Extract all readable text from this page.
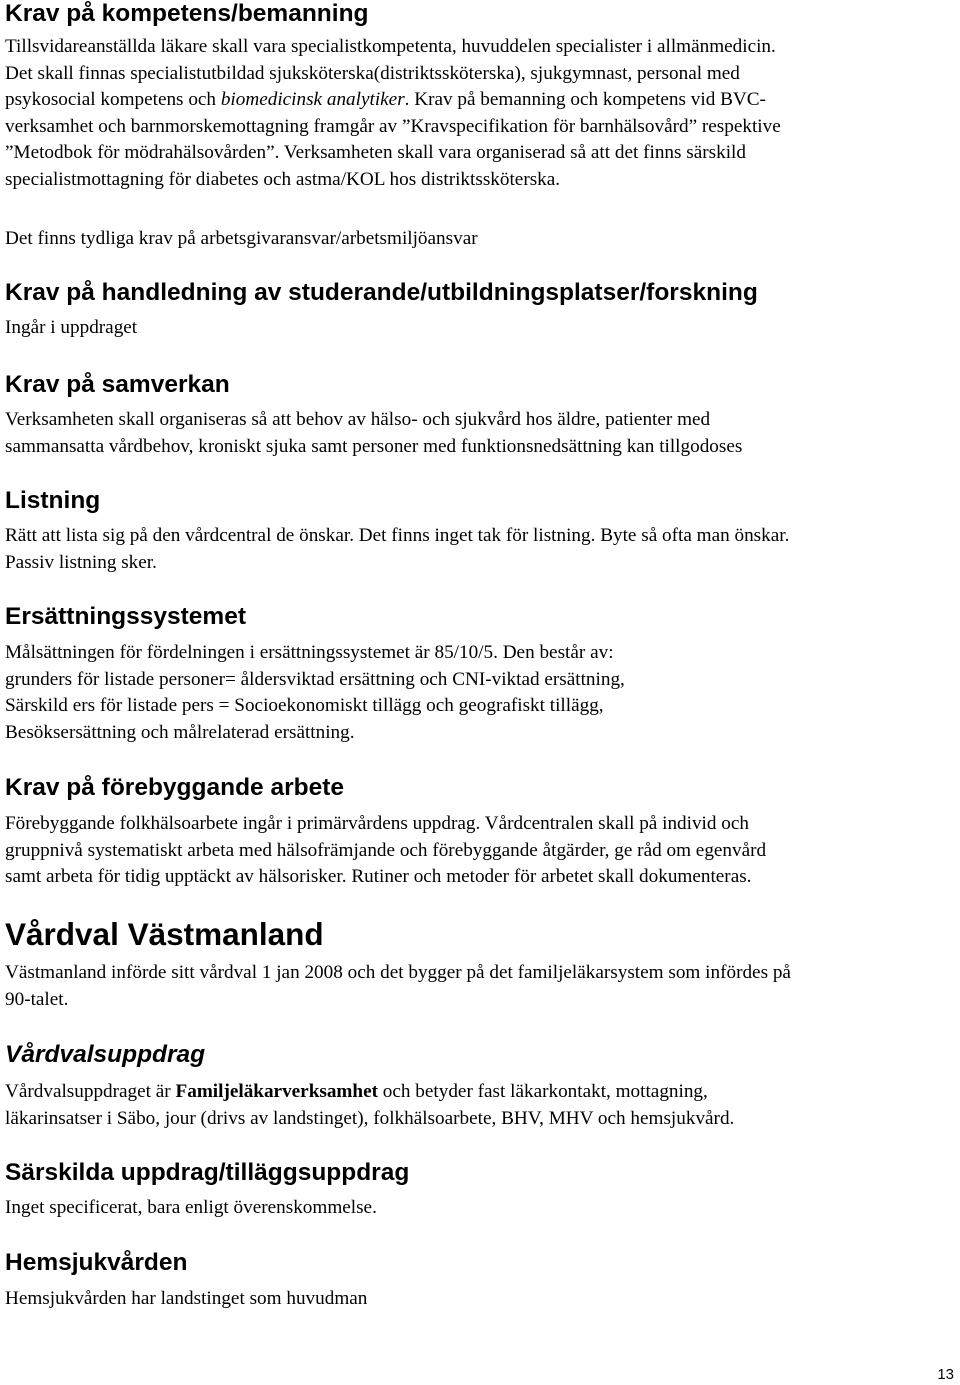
Krav på kompetens/bemanning
Tillsvidareanställda läkare skall vara specialistkompetenta, huvuddelen specialister i allmänmedicin.
Det skall finnas specialistutbildad sjuksköterska(distriktssköterska), sjukgymnast, personal med
psykosocial kompetens och biomedicinsk analytiker. Krav på bemanning och kompetens vid BVC-
verksamhet och barnmorskemottagning framgår av ”Kravspecifikation för barnhälsovård” respektive
”Metodbok för mödrahälsovården”. Verksamheten skall vara organiserad så att det finns särskild
specialistmottagning för diabetes och astma/KOL hos distriktssköterska.

Det finns tydliga krav på arbetsgivaransvar/arbetsmiljöansvar

Krav på handledning av studerande/utbildningsplatser/forskning

Ingår i uppdraget

Krav på samverkan
Verksamheten skall organiseras så att behov av hälso- och sjukvård hos äldre, patienter med
sammansatta vårdbehov, kroniskt sjuka samt personer med funktionsnedsättning kan tillgodoses
Listning
Rätt att lista sig på den vårdcentral de önskar. Det finns inget tak för listning. Byte så ofta man önskar.
Passiv listning sker.
Ersättningssystemet
Målsättningen för fördelningen i ersättningssystemet är 85/10/5. Den består av:
grunders för listade personer= åldersviktad ersättning och CNI-viktad ersättning,
Särskild ers för listade pers = Socioekonomiskt tillägg och geografiskt tillägg,
Besöksersättning och målrelaterad ersättning.
Krav på förebyggande arbete
Förebyggande folkhälsoarbete ingår i primärvårdens uppdrag. Vårdcentralen skall på individ och
gruppnivå systematiskt arbeta med hälsofrämjande och förebyggande åtgärder, ge råd om egenvård
samt arbeta för tidig upptäckt av hälsorisker. Rutiner och metoder för arbetet skall dokumenteras.
Vårdval Västmanland
Västmanland införde sitt vårdval 1 jan 2008 och det bygger på det familjeläkarsystem som infördes på
90-talet.
Vårdvalsuppdrag
Vårdvalsuppdraget är Familjeläkarverksamhet och betyder fast läkarkontakt, mottagning,
läkarinsatser i Säbo, jour (drivs av landstinget), folkhälsoarbete, BHV, MHV och hemsjukvård.
Särskilda uppdrag/tilläggsuppdrag

Inget specificerat, bara enligt överenskommelse.

Hemsjukvården

Hemsjukvården har landstinget som huvudman

13
